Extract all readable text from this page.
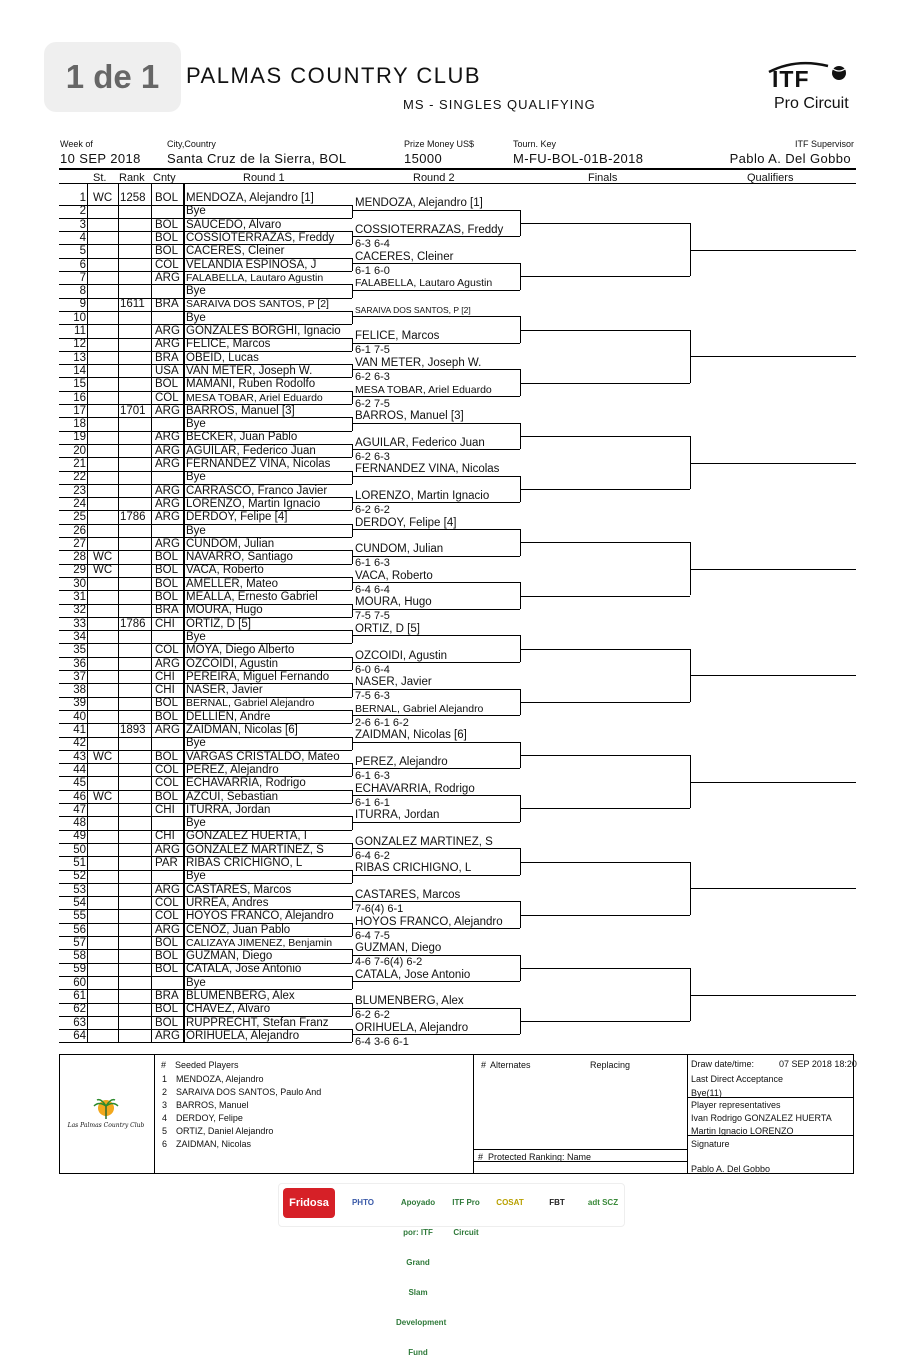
1 de 1	PALMAS COUNTRY CLUB
MS - SINGLES QUALIFYING
ITF
Pro Circuit
Week of
10 SEP 2018
City,Country
Santa Cruz de la Sierra, BOL
Prize Money US$
15000
Tourn. Key
M-FU-BOL-01B-2018
ITF Supervisor
Pablo A. Del Gobbo
St. Rank Cnty	Round 1	Round 2	Finals	Qualifiers
1 WC 1258 BOL MENDOZA, Alejandro [1]
2	Bye
3	BOL SAUCEDO, Alvaro
4	BOL COSSIOTERRAZAS, Freddy
5	BOL CACERES, Cleiner
6	COL VELANDIA ESPINOSA, J
7	ARG FALABELLA, Lautaro Agustin
8	Bye
9	1611 BRA SARAIVA DOS SANTOS, P [2]
10	Bye
11	ARG GONZALES BORGHI, Ignacio
12	ARG FELICE, Marcos
13	BRA OBEID, Lucas
14	USA VAN METER, Joseph W.
15	BOL MAMANI, Ruben Rodolfo
16	COL MESA TOBAR, Ariel Eduardo
17	1701 ARG BARROS, Manuel [3]
18	Bye
19	ARG BECKER, Juan Pablo
20	ARG AGUILAR, Federico Juan
21	ARG FERNANDEZ VINA, Nicolas
22	Bye
23	ARG CARRASCO, Franco Javier
24	ARG LORENZO, Martin Ignacio
25	1786 ARG DERDOY, Felipe [4]
26	Bye
27	ARG CUNDOM, Julian
28 WC	BOL NAVARRO, Santiago
29 WC	BOL VACA, Roberto
30	BOL AMELLER, Mateo
31	BOL MEALLA, Ernesto Gabriel
32	BRA MOURA, Hugo
33	1786 CHI ORTIZ, D [5]
34	Bye
35	COL MOYA, Diego Alberto
36	ARG OZCOIDI, Agustin
37	CHI PEREIRA, Miguel Fernando
38	CHI NASER, Javier
39	BOL BERNAL, Gabriel Alejandro
40	BOL DELLIEN, Andre
41	1893 ARG ZAIDMAN, Nicolas [6]
42	Bye
43 WC	BOL VARGAS CRISTALDO, Mateo
44	COL PEREZ, Alejandro
45	COL ECHAVARRIA, Rodrigo
46 WC	BOL AZCUI, Sebastian
47	CHI ITURRA, Jordan
48	Bye
49	CHI GONZALEZ HUERTA, I
50	ARG GONZALEZ MARTINEZ, S
51	PAR RIBAS CRICHIGNO, L
52	Bye
53	ARG CASTARES, Marcos
54	COL URREA, Andres
55	COL HOYOS FRANCO, Alejandro
56	ARG CENOZ, Juan Pablo
57	BOL CALIZAYA JIMENEZ, Benjamin
58	BOL GUZMAN, Diego
59	BOL CATALA, Jose Antonio
60	Bye
61	BRA BLUMENBERG, Alex
62	BOL CHAVEZ, Alvaro
63	BOL RUPPRECHT, Stefan Franz
64	ARG ORIHUELA, Alejandro
MENDOZA, Alejandro [1]
COSSIOTERRAZAS, Freddy
6-3 6-4
CACERES, Cleiner
6-1 6-0
FALABELLA, Lautaro Agustin
SARAIVA DOS SANTOS, P [2]
FELICE, Marcos
6-1 7-5
VAN METER, Joseph W.
6-2 6-3
MESA TOBAR, Ariel Eduardo
6-2 7-5
BARROS, Manuel [3]
AGUILAR, Federico Juan
6-2 6-3
FERNANDEZ VINA, Nicolas
LORENZO, Martin Ignacio
6-2 6-2
DERDOY, Felipe [4]
CUNDOM, Julian
6-1 6-3
VACA, Roberto
6-4 6-4
MOURA, Hugo
7-5 7-5
ORTIZ, D [5]
OZCOIDI, Agustin
6-0 6-4
NASER, Javier
7-5 6-3
BERNAL, Gabriel Alejandro
2-6 6-1 6-2
ZAIDMAN, Nicolas [6]
PEREZ, Alejandro
6-1 6-3
ECHAVARRIA, Rodrigo
6-1 6-1
ITURRA, Jordan
GONZALEZ MARTINEZ, S
6-4 6-2
RIBAS CRICHIGNO, L
CASTARES, Marcos
7-6(4) 6-1
HOYOS FRANCO, Alejandro
6-4 7-5
GUZMAN, Diego
4-6 7-6(4) 6-2
CATALA, Jose Antonio
BLUMENBERG, Alex
6-2 6-2
ORIHUELA, Alejandro
6-4 3-6 6-1
Las Palmas Country Club
# Seeded Players
1 MENDOZA, Alejandro
2 SARAIVA DOS SANTOS, Paulo And
3 BARROS, Manuel
4 DERDOY, Felipe
5 ORTIZ, Daniel Alejandro
6 ZAIDMAN, Nicolas
# Alternates	Replacing
# Protected Ranking: Name
Draw date/time:	07 SEP 2018 18:20
Last Direct Acceptance
Bye(11)
Player representatives
Ivan Rodrigo GONZALEZ HUERTA
Martin Ignacio LORENZO
Signature
Pablo A. Del Gobbo
Fridosa	PHTO	Apoyado por: ITF Grand Slam Development Fund
ITF Pro Circuit
COSAT	FBT	adt SCZ
